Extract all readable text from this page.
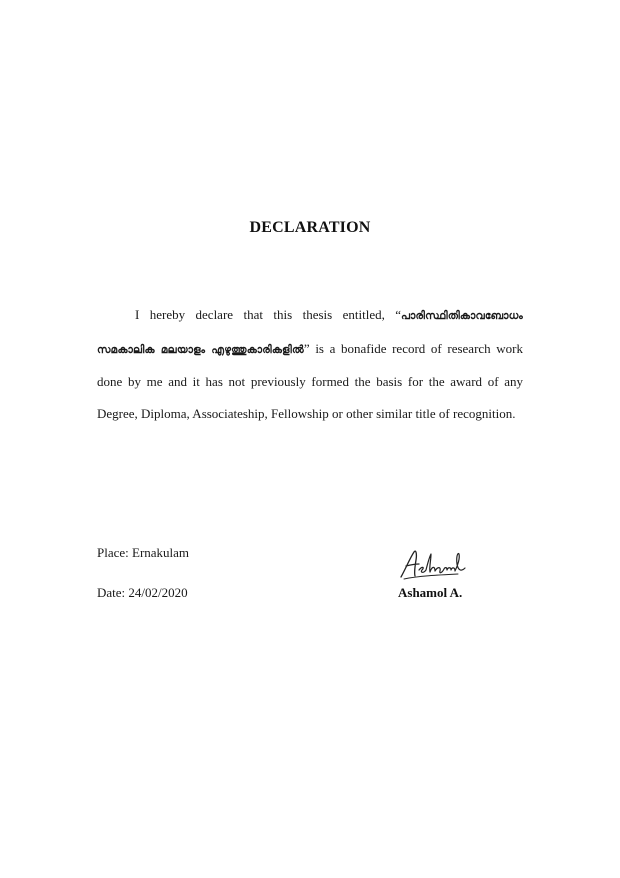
DECLARATION
I hereby declare that this thesis entitled, “പാരിസ്ഥിതികാവബോധം സമകാലിക മലയാളം എഴുത്തുകാരികളിൽ” is a bonafide record of research work done by me and it has not previously formed the basis for the award of any Degree, Diploma, Associateship, Fellowship or other similar title of recognition.
Place: Ernakulam
Date: 24/02/2020	Ashamol A.
